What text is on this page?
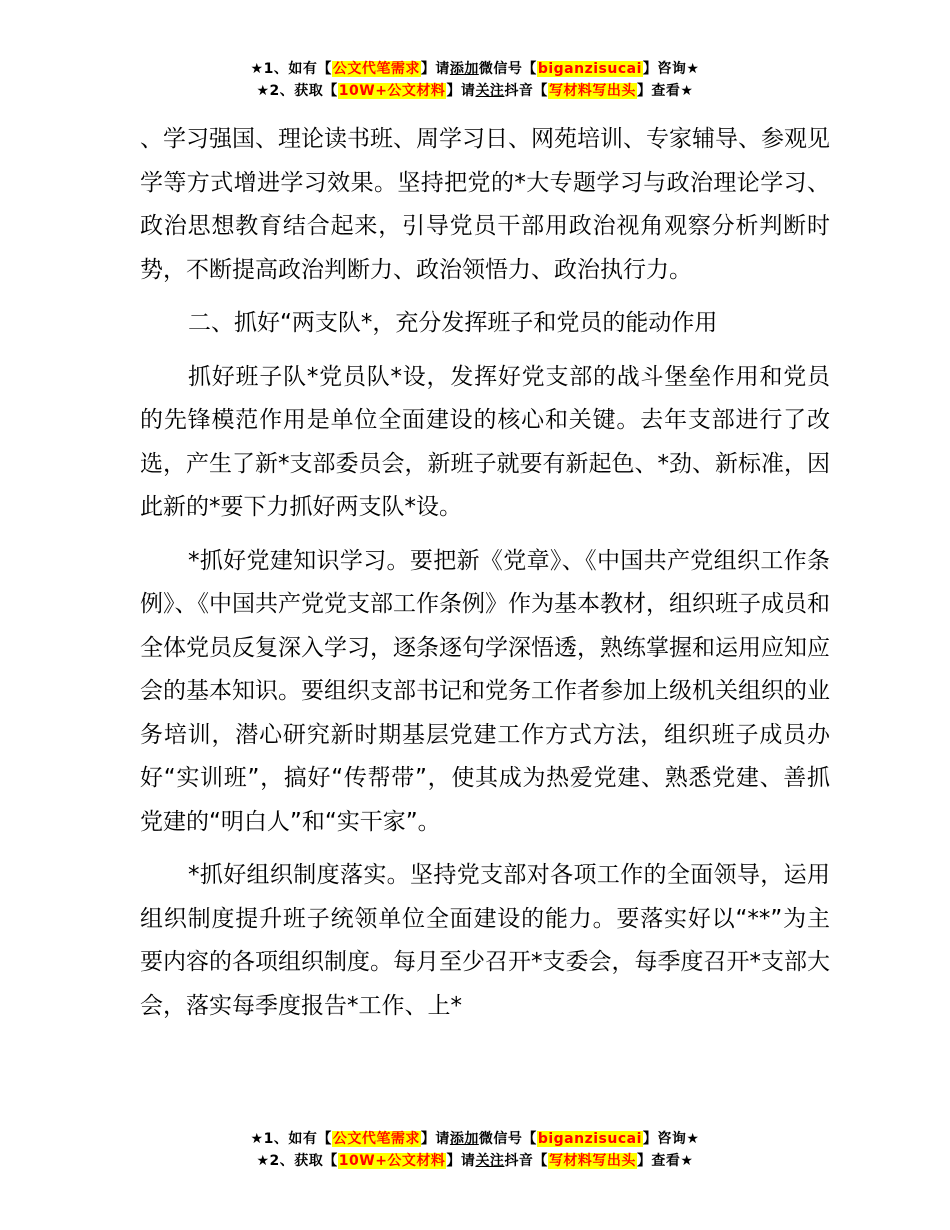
★1、如有【公文代笔需求】请添加微信号【biganzisucai】咨询★
★2、获取【10W+公文材料】请关注抖音【写材料写出头】查看★

、学习强国、理论读书班、周学习日、网苑培训、专家辅导、参观见学等方式增进学习效果。坚持把党的*大专题学习与政治理论学习、政治思想教育结合起来，引导党员干部用政治视角观察分析判断时势，不断提高政治判断力、政治领悟力、政治执行力。

二、抓好“两支队*，充分发挥班子和党员的能动作用

抓好班子队*党员队*设，发挥好党支部的战斗堡垒作用和党员的先锋模范作用是单位全面建设的核心和关键。去年支部进行了改选，产生了新*支部委员会，新班子就要有新起色、*劲、新标准，因此新的*要下力抓好两支队*设。

*抓好党建知识学习。要把新《党章》、《中国共产党组织工作条例》、《中国共产党党支部工作条例》作为基本教材，组织班子成员和全体党员反复深入学习，逐条逐句学深悟透，熟练掌握和运用应知应会的基本知识。要组织支部书记和党务工作者参加上级机关组织的业务培训，潜心研究新时期基层党建工作方式方法，组织班子成员办好“实训班”，搞好“传帮带”，使其成为热爱党建、熟悉党建、善抓党建的“明白人”和“实干家”。

*抓好组织制度落实。坚持党支部对各项工作的全面领导，运用组织制度提升班子统领单位全面建设的能力。要落实好以“**”为主要内容的各项组织制度。每月至少召开*支委会，每季度召开*支部大会，落实每季度报告*工作、上*

★1、如有【公文代笔需求】请添加微信号【biganzisucai】咨询★
★2、获取【10W+公文材料】请关注抖音【写材料写出头】查看★
